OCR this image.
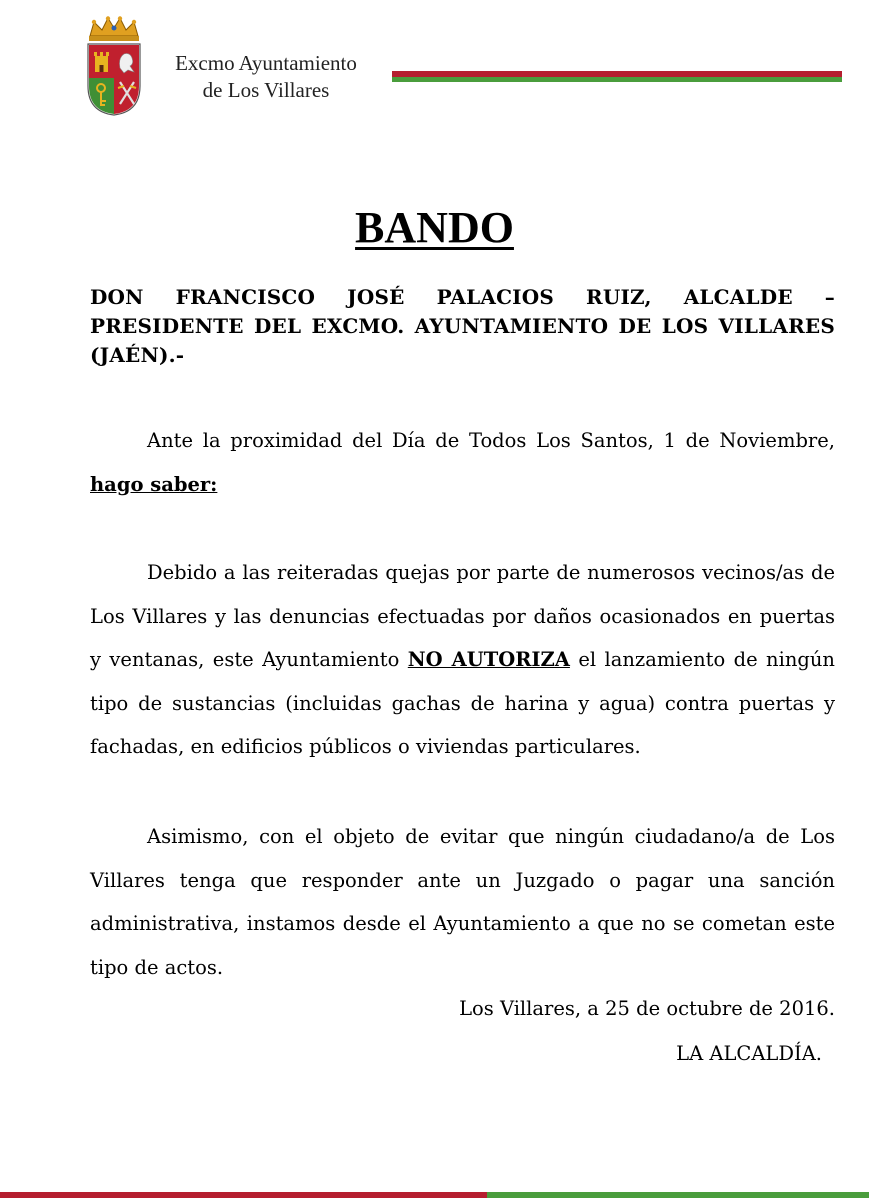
Excmo Ayuntamiento
de Los Villares
BANDO
DON FRANCISCO JOSÉ PALACIOS RUIZ, ALCALDE – PRESIDENTE DEL EXCMO. AYUNTAMIENTO DE LOS VILLARES (JAÉN).-

Ante la proximidad del Día de Todos Los Santos, 1 de Noviembre, hago saber:

Debido a las reiteradas quejas por parte de numerosos vecinos/as de Los Villares y las denuncias efectuadas por daños ocasionados en puertas y ventanas, este Ayuntamiento NO AUTORIZA el lanzamiento de ningún tipo de sustancias (incluidas gachas de harina y agua) contra puertas y fachadas, en edificios públicos o viviendas particulares.

Asimismo, con el objeto de evitar que ningún ciudadano/a de Los Villares tenga que responder ante un Juzgado o pagar una sanción administrativa, instamos desde el Ayuntamiento a que no se cometan este tipo de actos.

Los Villares, a 25 de octubre de 2016.
LA ALCALDÍA.
